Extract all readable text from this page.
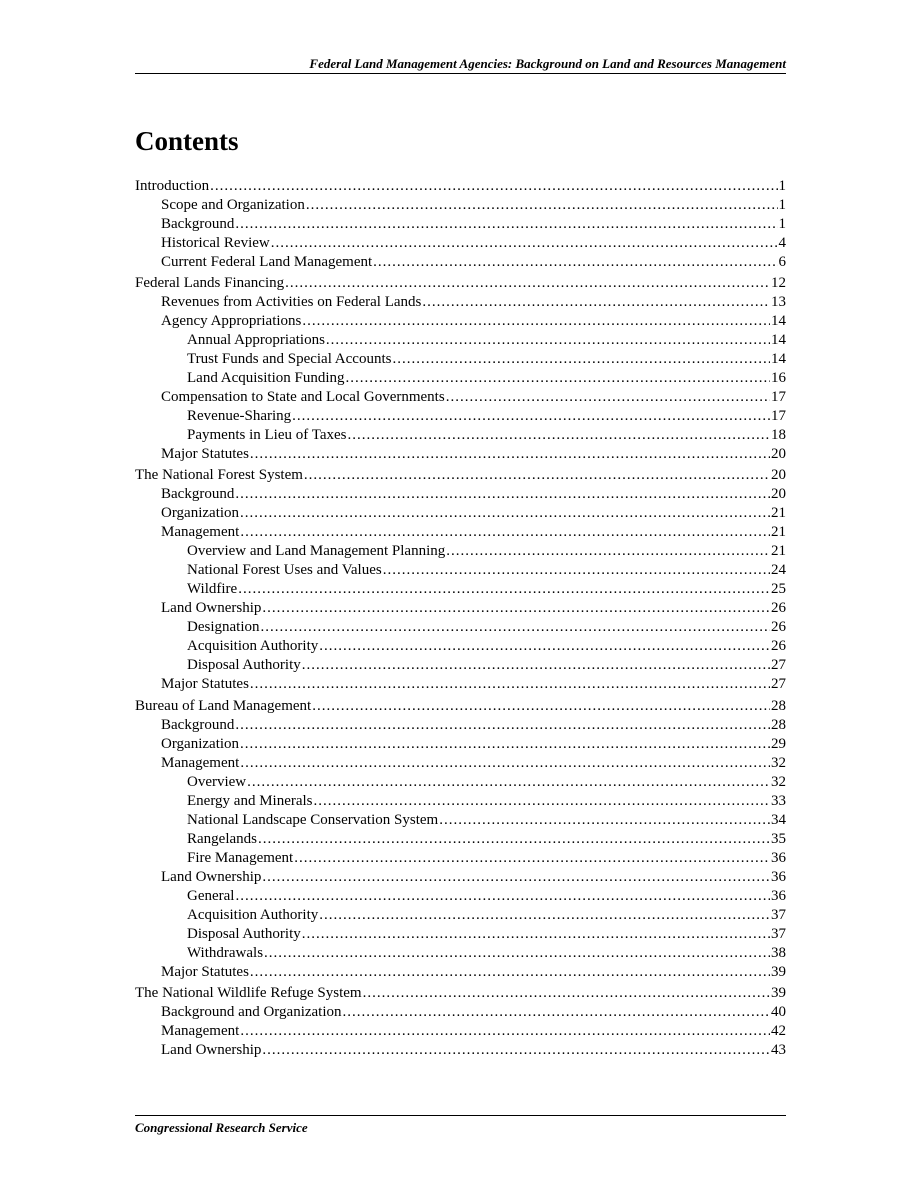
Federal Land Management Agencies: Background on Land and Resources Management
Contents
Introduction .....	1
Scope and Organization .....	1
Background .....	1
Historical Review .....	4
Current Federal Land Management .....	6
Federal Lands Financing .....	12
Revenues from Activities on Federal Lands .....	13
Agency Appropriations .....	14
Annual Appropriations .....	14
Trust Funds and Special Accounts .....	14
Land Acquisition Funding .....	16
Compensation to State and Local Governments .....	17
Revenue-Sharing .....	17
Payments in Lieu of Taxes .....	18
Major Statutes .....	20
The National Forest System .....	20
Background .....	20
Organization .....	21
Management .....	21
Overview and Land Management Planning .....	21
National Forest Uses and Values .....	24
Wildfire .....	25
Land Ownership .....	26
Designation .....	26
Acquisition Authority .....	26
Disposal Authority .....	27
Major Statutes .....	27
Bureau of Land Management .....	28
Background .....	28
Organization .....	29
Management .....	32
Overview .....	32
Energy and Minerals .....	33
National Landscape Conservation System .....	34
Rangelands .....	35
Fire Management .....	36
Land Ownership .....	36
General .....	36
Acquisition Authority .....	37
Disposal Authority .....	37
Withdrawals .....	38
Major Statutes .....	39
The National Wildlife Refuge System .....	39
Background and Organization .....	40
Management .....	42
Land Ownership .....	43
Congressional Research Service
